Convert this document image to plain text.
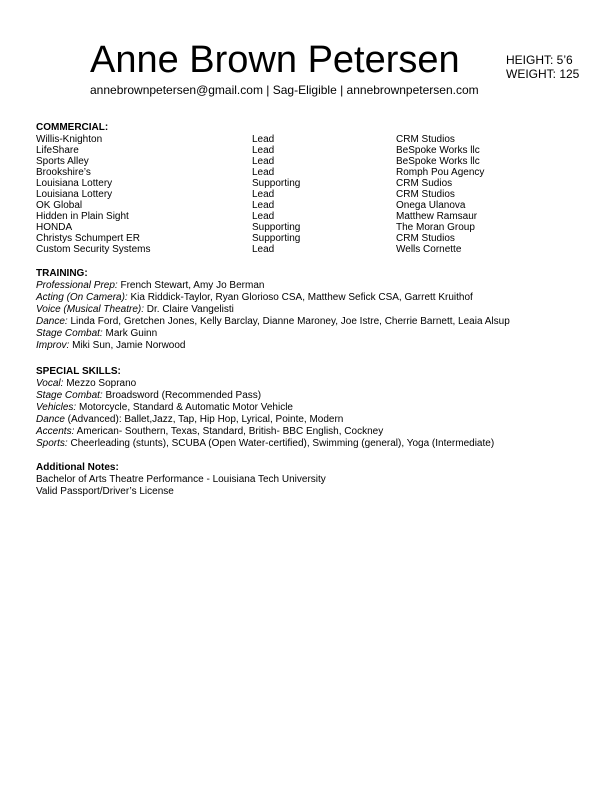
Anne Brown Petersen	HEIGHT: 5’6
WEIGHT: 125
annebrownpetersen@gmail.com | Sag-Eligible | annebrownpetersen.com
COMMERCIAL:
Willis-Knighton	Lead	CRM Studios
LifeShare	Lead	BeSpoke Works llc
Sports Alley	Lead	BeSpoke Works llc
Brookshire’s	Lead	Romph Pou Agency
Louisiana Lottery	Supporting	CRM Sudios
Louisiana Lottery	Lead	CRM Studios
OK Global	Lead	Onega Ulanova
Hidden in Plain Sight	Lead	Matthew Ramsaur
HONDA	Supporting	The Moran Group
Christys Schumpert ER	Supporting	CRM Studios
Custom Security Systems	Lead	Wells Cornette
TRAINING:
Professional Prep: French Stewart, Amy Jo Berman
Acting (On Camera): Kia Riddick-Taylor, Ryan Glorioso CSA, Matthew Sefick CSA, Garrett Kruithof
Voice (Musical Theatre): Dr. Claire Vangelisti
Dance: Linda Ford, Gretchen Jones, Kelly Barclay, Dianne Maroney, Joe Istre, Cherrie Barnett, Leaia Alsup
Stage Combat: Mark Guinn
Improv: Miki Sun, Jamie Norwood
SPECIAL SKILLS:
Vocal: Mezzo Soprano
Stage Combat: Broadsword (Recommended Pass)
Vehicles: Motorcycle, Standard & Automatic Motor Vehicle
Dance (Advanced): Ballet,Jazz, Tap, Hip Hop, Lyrical, Pointe, Modern
Accents: American- Southern, Texas, Standard, British- BBC English, Cockney
Sports: Cheerleading (stunts), SCUBA (Open Water-certified), Swimming (general), Yoga (Intermediate)
Additional Notes:
Bachelor of Arts Theatre Performance - Louisiana Tech University
Valid Passport/Driver’s License
